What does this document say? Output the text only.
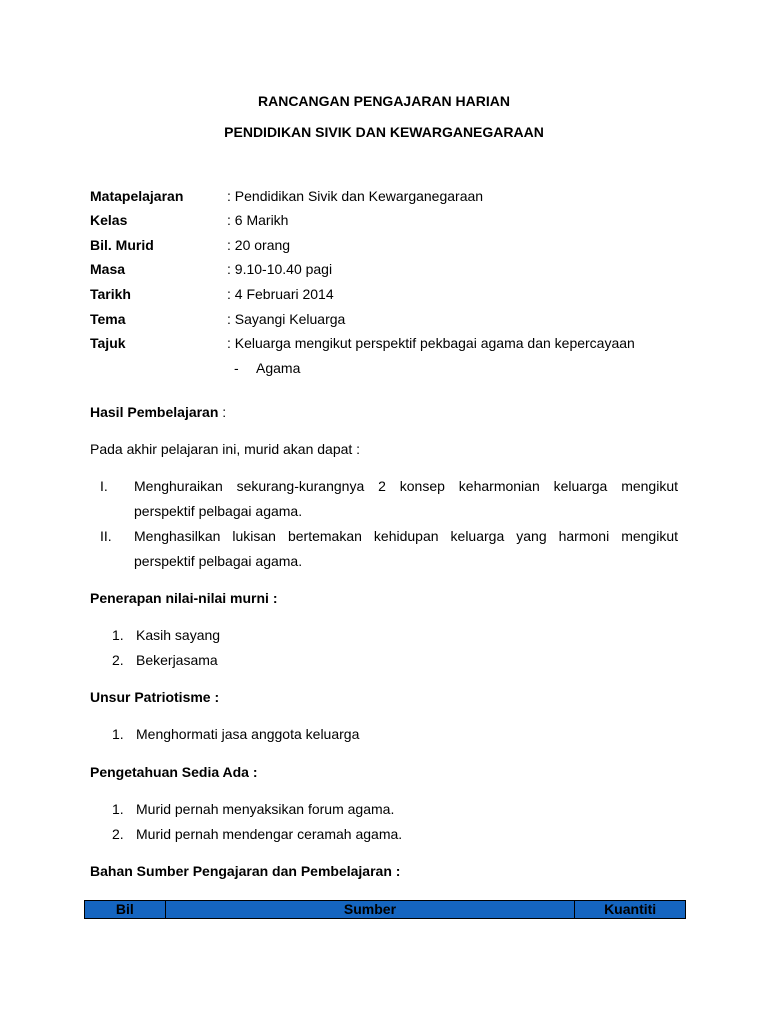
RANCANGAN PENGAJARAN HARIAN
PENDIDIKAN SIVIK DAN KEWARGANEGARAAN
Matapelajaran	: Pendidikan Sivik dan Kewarganegaraan
Kelas	: 6 Marikh
Bil. Murid	: 20 orang
Masa	: 9.10-10.40 pagi
Tarikh	: 4 Februari 2014
Tema	: Sayangi Keluarga
Tajuk	: Keluarga mengikut perspektif pekbagai agama dan kepercayaan
- Agama
Hasil Pembelajaran :
Pada akhir pelajaran ini, murid akan dapat :
I.	Menghuraikan sekurang-kurangnya 2 konsep keharmonian keluarga mengikut perspektif pelbagai agama.
II.	Menghasilkan lukisan bertemakan kehidupan keluarga yang harmoni mengikut perspektif pelbagai agama.
Penerapan nilai-nilai murni :
1. Kasih sayang
2. Bekerjasama
Unsur Patriotisme :
1. Menghormati jasa anggota keluarga
Pengetahuan Sedia Ada :
1. Murid pernah menyaksikan forum agama.
2. Murid pernah mendengar ceramah agama.
Bahan Sumber Pengajaran dan Pembelajaran :
Bil	Sumber	Kuantiti
